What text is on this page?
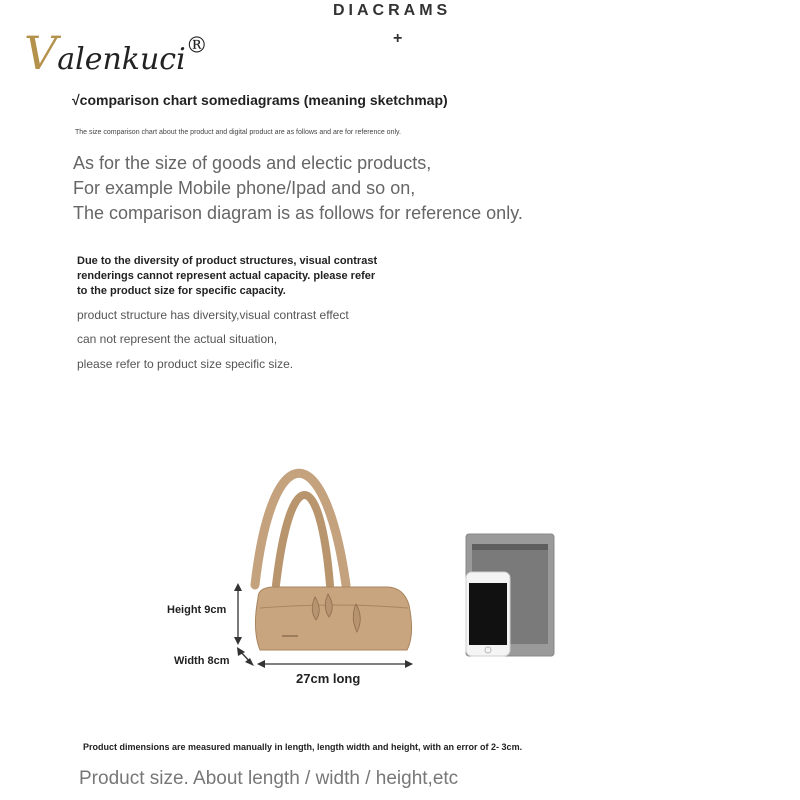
DIACRAMS
+
Valenkuci®
√comparison chart somediagrams (meaning sketchmap)
The size comparison chart about the product and digital product are as follows and are for reference only.
As for the size of goods and electic products,
For example Mobile phone/Ipad and so on,
The comparison diagram is as follows for reference only.
Due to the diversity of product structures, visual contrast
renderings cannot represent actual capacity. please refer
to the product size for specific capacity.
product structure has diversity,visual contrast effect
can not represent the actual situation,
please refer to product size specific size.
Height 9cm
Width 8cm
27cm long
Product dimensions are measured manually in length, length width and height, with an error of 2- 3cm.
Product size. About length / width / height,etc
